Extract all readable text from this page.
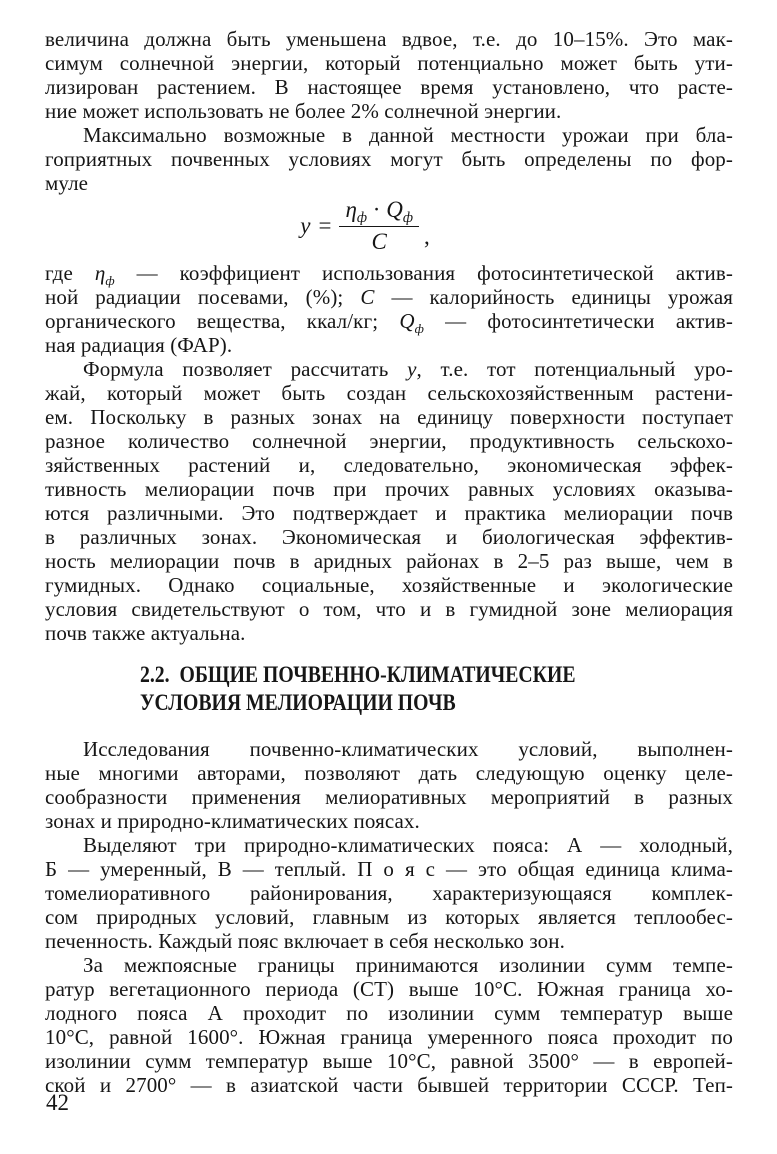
величина должна быть уменьшена вдвое, т.е. до 10–15%. Это мак-
симум солнечной энергии, который потенциально может быть ути-
лизирован растением. В настоящее время установлено, что расте-
ние может использовать не более 2% солнечной энергии.
Максимально возможные в данной местности урожаи при бла-
гоприятных почвенных условиях могут быть определены по фор-
муле
$y = \frac{\eta_ф \cdot Q_ф}{C}$ ,
где $\eta_ф$ — коэффициент использования фотосинтетической актив-
ной радиации посевами, (%); С — калорийность единицы урожая
органического вещества, ккал/кг; $Q_ф$ — фотосинтетически актив-
ная радиация (ФАР).
Формула позволяет рассчитать y, т.е. тот потенциальный уро-
жай, который может быть создан сельскохозяйственным растени-
ем. Поскольку в разных зонах на единицу поверхности поступает
разное количество солнечной энергии, продуктивность сельскохо-
зяйственных растений и, следовательно, экономическая эффек-
тивность мелиорации почв при прочих равных условиях оказыва-
ются различными. Это подтверждает и практика мелиорации почв
в различных зонах. Экономическая и биологическая эффектив-
ность мелиорации почв в аридных районах в 2–5 раз выше, чем в
гумидных. Однако социальные, хозяйственные и экологические
условия свидетельствуют о том, что и в гумидной зоне мелиорация
почв также актуальна.
2.2.  ОБЩИЕ ПОЧВЕННО-КЛИМАТИЧЕСКИЕ
УСЛОВИЯ МЕЛИОРАЦИИ ПОЧВ
Исследования почвенно-климатических условий, выполнен-
ные многими авторами, позволяют дать следующую оценку целе-
сообразности применения мелиоративных мероприятий в разных
зонах и природно-климатических поясах.
Выделяют три природно-климатических пояса: А — холодный,
Б — умеренный, В — теплый. П о я с — это общая единица клима-
томелиоративного районирования, характеризующаяся комплек-
сом природных условий, главным из которых является теплообес-
печенность. Каждый пояс включает в себя несколько зон.
За межпоясные границы принимаются изолинии сумм темпе-
ратур вегетационного периода (СТ) выше 10°С. Южная граница хо-
лодного пояса А проходит по изолинии сумм температур выше
10°С, равной 1600°. Южная граница умеренного пояса проходит по
изолинии сумм температур выше 10°С, равной 3500° — в европей-
ской и 2700° — в азиатской части бывшей территории СССР. Теп-
42
